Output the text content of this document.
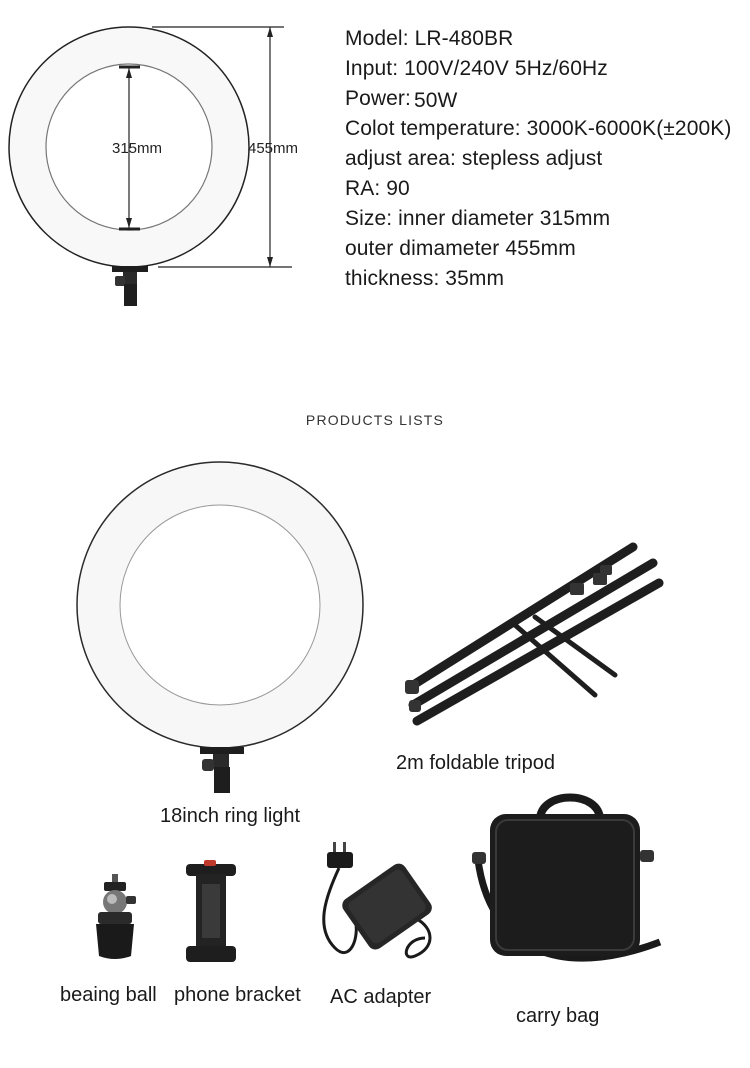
315mm	455mm
Model: LR-480BR
Input: 100V/240V 5Hz/60Hz
Power: 50W
Colot temperature: 3000K-6000K(±200K)
adjust area: stepless adjust
RA: 90
Size: inner diameter 315mm
outer dimameter 455mm
thickness: 35mm
PRODUCTS LISTS
18inch ring light
2m foldable tripod
beaing ball phone bracket AC adapter
carry bag
